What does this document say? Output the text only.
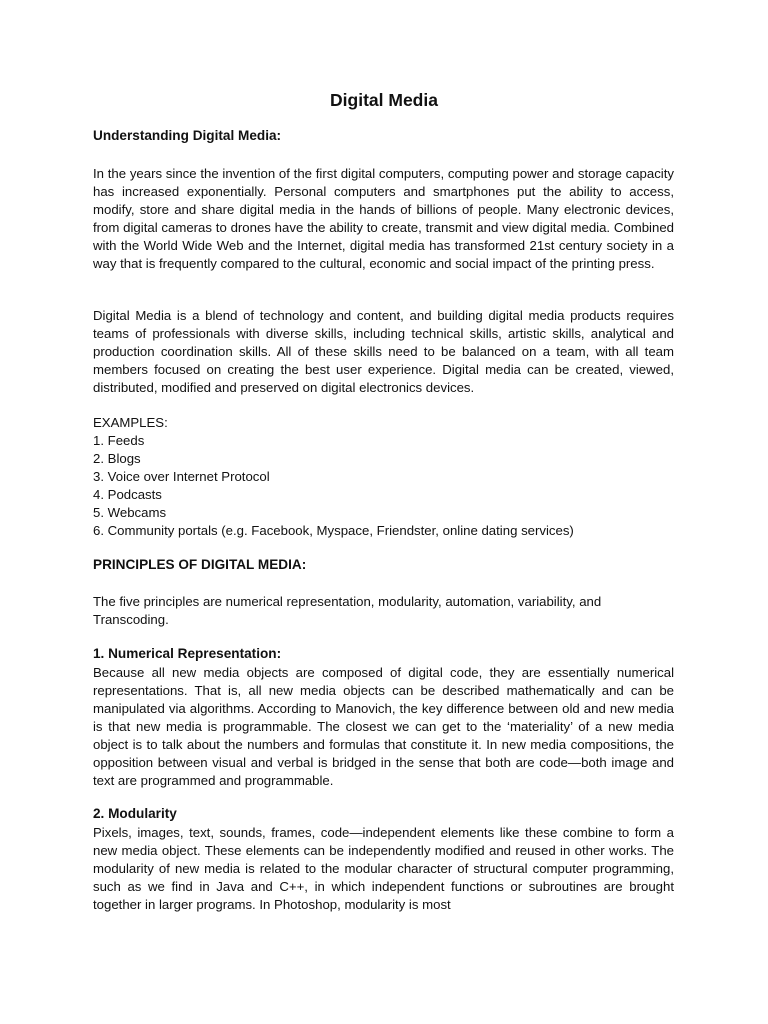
Digital Media
Understanding Digital Media:

In the years since the invention of the first digital computers, computing power and storage capacity has increased exponentially. Personal computers and smartphones put the ability to access, modify, store and share digital media in the hands of billions of people. Many electronic devices, from digital cameras to drones have the ability to create, transmit and view digital media. Combined with the World Wide Web and the Internet, digital media has transformed 21st century society in a way that is frequently compared to the cultural, economic and social impact of the printing press.

Digital Media is a blend of technology and content, and building digital media products requires teams of professionals with diverse skills, including technical skills, artistic skills, analytical and production coordination skills. All of these skills need to be balanced on a team, with all team members focused on creating the best user experience. Digital media can be created, viewed, distributed, modified and preserved on digital electronics devices.

EXAMPLES:
1. Feeds
2. Blogs
3. Voice over Internet Protocol
4. Podcasts
5. Webcams
6. Community portals (e.g. Facebook, Myspace, Friendster, online dating services)
PRINCIPLES OF DIGITAL MEDIA:

The five principles are numerical representation, modularity, automation, variability, and Transcoding.

1. Numerical Representation:

Because all new media objects are composed of digital code, they are essentially numerical representations. That is, all new media objects can be described mathematically and can be manipulated via algorithms. According to Manovich, the key difference between old and new media is that new media is programmable. The closest we can get to the ‘materiality’ of a new media object is to talk about the numbers and formulas that constitute it. In new media compositions, the opposition between visual and verbal is bridged in the sense that both are code—both image and text are programmed and programmable.

2. Modularity

Pixels, images, text, sounds, frames, code—independent elements like these combine to form a new media object. These elements can be independently modified and reused in other works. The modularity of new media is related to the modular character of structural computer programming, such as we find in Java and C++, in which independent functions or subroutines are brought together in larger programs. In Photoshop, modularity is most
